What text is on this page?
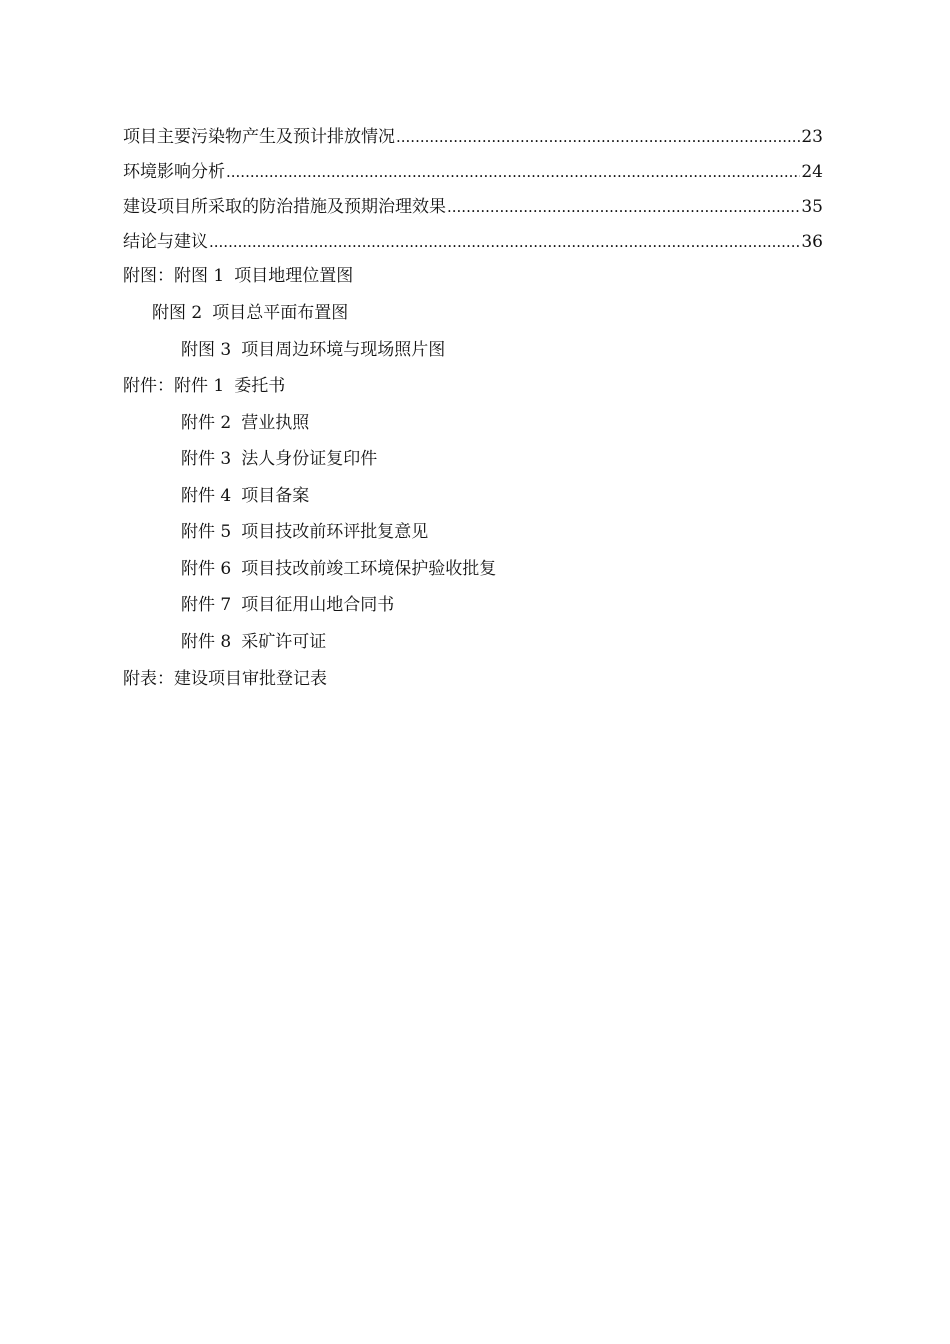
项目主要污染物产生及预计排放情况 .....	23
环境影响分析 .....	24
建设项目所采取的防治措施及预期治理效果 .....	35
结论与建议 .....	36
附图：附图 1 项目地理位置图
附图 2 项目总平面布置图
附图 3 项目周边环境与现场照片图
附件：附件 1 委托书
附件 2 营业执照
附件 3 法人身份证复印件
附件 4 项目备案
附件 5 项目技改前环评批复意见
附件 6 项目技改前竣工环境保护验收批复
附件 7 项目征用山地合同书
附件 8 采矿许可证
附表：建设项目审批登记表
